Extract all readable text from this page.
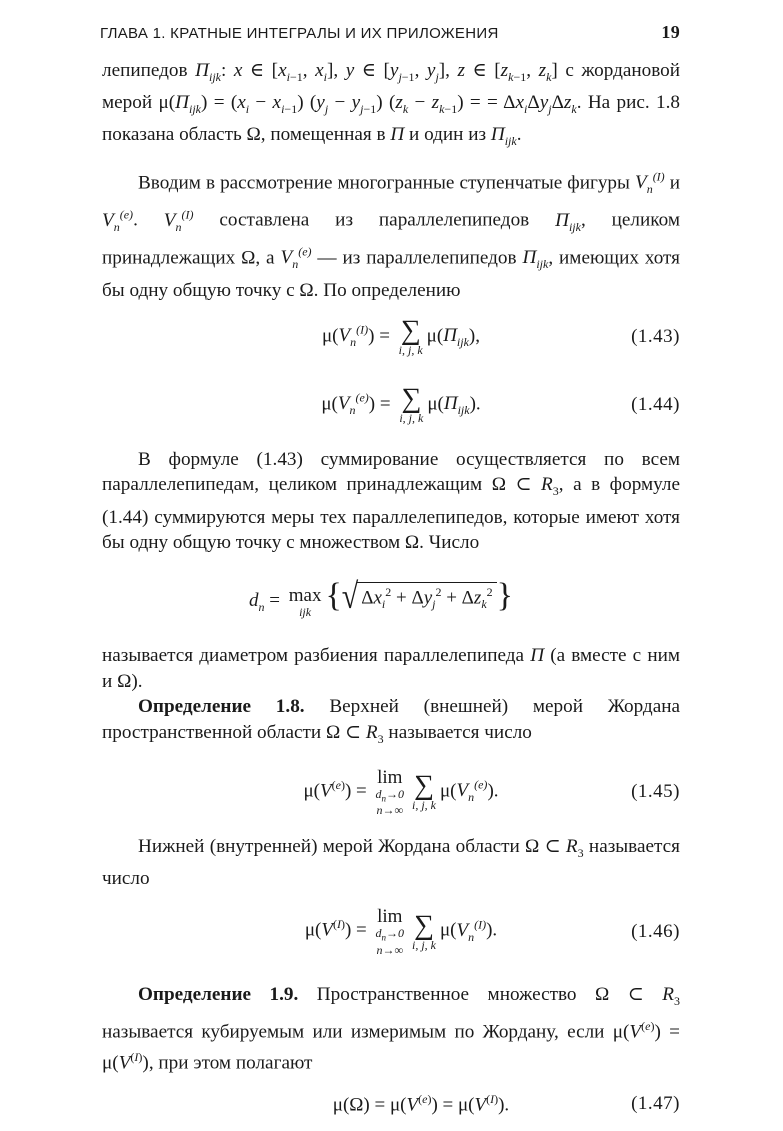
ГЛАВА 1. КРАТНЫЕ ИНТЕГРАЛЫ И ИХ ПРИЛОЖЕНИЯ	19

лепипедов $\Pi_{ijk}$: x ∈ [$x_{i-1}$, $x_i$], y ∈ [$y_{j-1}$, $y_j$], z ∈ [$z_{k-1}$, $z_k$] с жордановой мерой $\mu(\Pi_{ijk}) = (x_i - x_{i-1}) (y_j - y_{j-1}) (z_k - z_{k-1})$ = = $\Delta x_i\Delta y_j\Delta z_k$. На рис. 1.8 показана область Ω, помещенная в Π и один из $\Pi_{ijk}$.

Вводим в рассмотрение многогранные ступенчатые фигуры $V_n^{(I)}$ и $V_n^{(e)}$. $V_n^{(I)}$ составлена из параллелепипедов $\Pi_{ijk}$, целиком принадлежащих Ω, а $V_n^{(e)}$ — из параллелепипедов $\Pi_{ijk}$, имеющих хотя бы одну общую точку с Ω. По определению

$\mu(V_n^{(I)})$ = ∑
i, j, k
$\mu(\Pi_{ijk})$,	(1.43)
$\mu(V_n^{(e)})$ = ∑
i, j, k
$\mu(\Pi_{ijk})$.	(1.44)

В формуле (1.43) суммирование осуществляется по всем параллелепипедам, целиком принадлежащим Ω ⊂ $R_3$, а в формуле (1.44) суммируются меры тех параллелепипедов, которые имеют хотя бы одну общую точку с множеством Ω. Число

$d_n = \max$
ijk { √ $\Delta x_i^2 + \Delta y_j^2 + \Delta z_k^2$ }

называется диаметром разбиения параллелепипеда Π (а вместе с ним и Ω).

Определение 1.8. Верхней (внешней) мерой Жордана пространственной области Ω ⊂ $R_3$ называется число

$\mu(V^{(e)})$ =
lim
$d_n\to 0$
n→∞
∑
i, j, k
$\mu(V_n^{(e)})$.	(1.45)

Нижней (внутренней) мерой Жордана области Ω ⊂ $R_3$ называется число

$\mu(V^{(I)})$ =
lim
$d_n\to 0$
n→∞
∑
i, j, k
$\mu(V_n^{(I)})$.	(1.46)

Определение 1.9. Пространственное множество Ω ⊂ $R_3$ называется кубируемым или измеримым по Жордану, если $\mu(V^{(e)}) = \mu(V^{(I)})$, при этом полагают

$\mu(\Omega) = \mu(V^{(e)}) = \mu(V^{(I)})$.	(1.47)
